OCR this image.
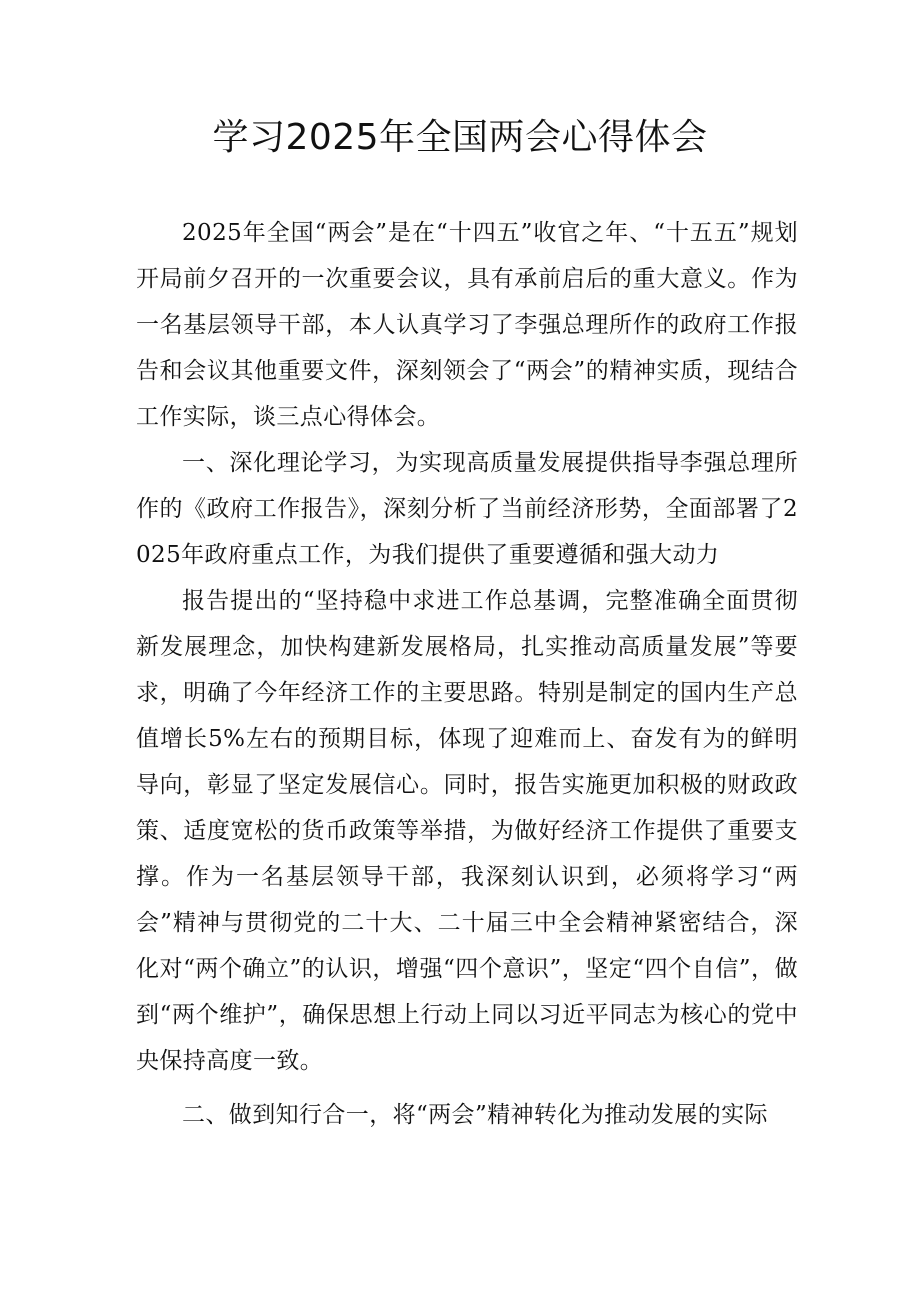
学习2025年全国两会心得体会

2025年全国“两会”是在“十四五”收官之年、“十五五”规划开局前夕召开的一次重要会议，具有承前启后的重大意义。作为一名基层领导干部，本人认真学习了李强总理所作的政府工作报告和会议其他重要文件，深刻领会了“两会”的精神实质，现结合工作实际，谈三点心得体会。

一、深化理论学习，为实现高质量发展提供指导李强总理所作的《政府工作报告》，深刻分析了当前经济形势，全面部署了2025年政府重点工作，为我们提供了重要遵循和强大动力

报告提出的“坚持稳中求进工作总基调，完整准确全面贯彻新发展理念，加快构建新发展格局，扎实推动高质量发展”等要求，明确了今年经济工作的主要思路。特别是制定的国内生产总值增长5%左右的预期目标，体现了迎难而上、奋发有为的鲜明导向，彰显了坚定发展信心。同时，报告实施更加积极的财政政策、适度宽松的货币政策等举措，为做好经济工作提供了重要支撑。作为一名基层领导干部，我深刻认识到，必须将学习“两会”精神与贯彻党的二十大、二十届三中全会精神紧密结合，深化对“两个确立”的认识，增强“四个意识”，坚定“四个自信”，做到“两个维护”，确保思想上行动上同以习近平同志为核心的党中央保持高度一致。

二、做到知行合一，将“两会”精神转化为推动发展的实际
